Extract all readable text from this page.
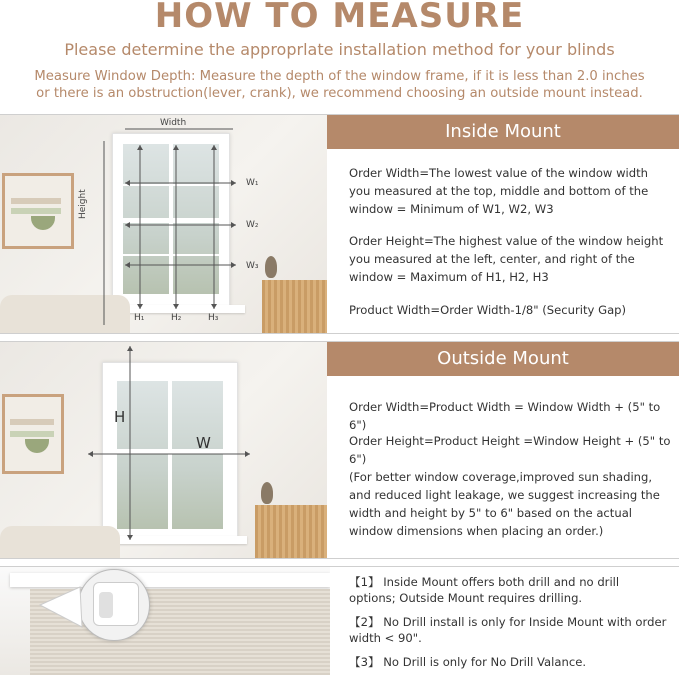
HOW TO MEASURE
Please determine the approprlate installation method for your blinds
Measure Window Depth: Measure the depth of the window frame, if it is less than 2.0 inches
or there is an obstruction(lever, crank), we recommend choosing an outside mount instead.
Width
Height
W₁
W₂
W₃
H₁	H₂	H₃
Inside Mount
Order Width=The lowest value of the window width you measured at the top, middle and bottom of the window = Minimum of W1, W2, W3
Order Height=The highest value of the window height you measured at the left, center, and right of the window = Maximum of H1, H2, H3
Product Width=Order Width-1/8" (Security Gap)
H
W
Outside Mount
Order Width=Product Width = Window Width + (5" to 6")
Order Height=Product Height =Window Height + (5" to 6")
(For better window coverage,improved sun shading, and reduced light leakage, we suggest increasing the width and height by 5" to 6" based on the actual window dimensions when placing an order.)
【1】 Inside Mount offers both drill and no drill options; Outside Mount requires drilling.
【2】 No Drill install is only for Inside Mount with order width < 90".
【3】 No Drill is only for No Drill Valance.
